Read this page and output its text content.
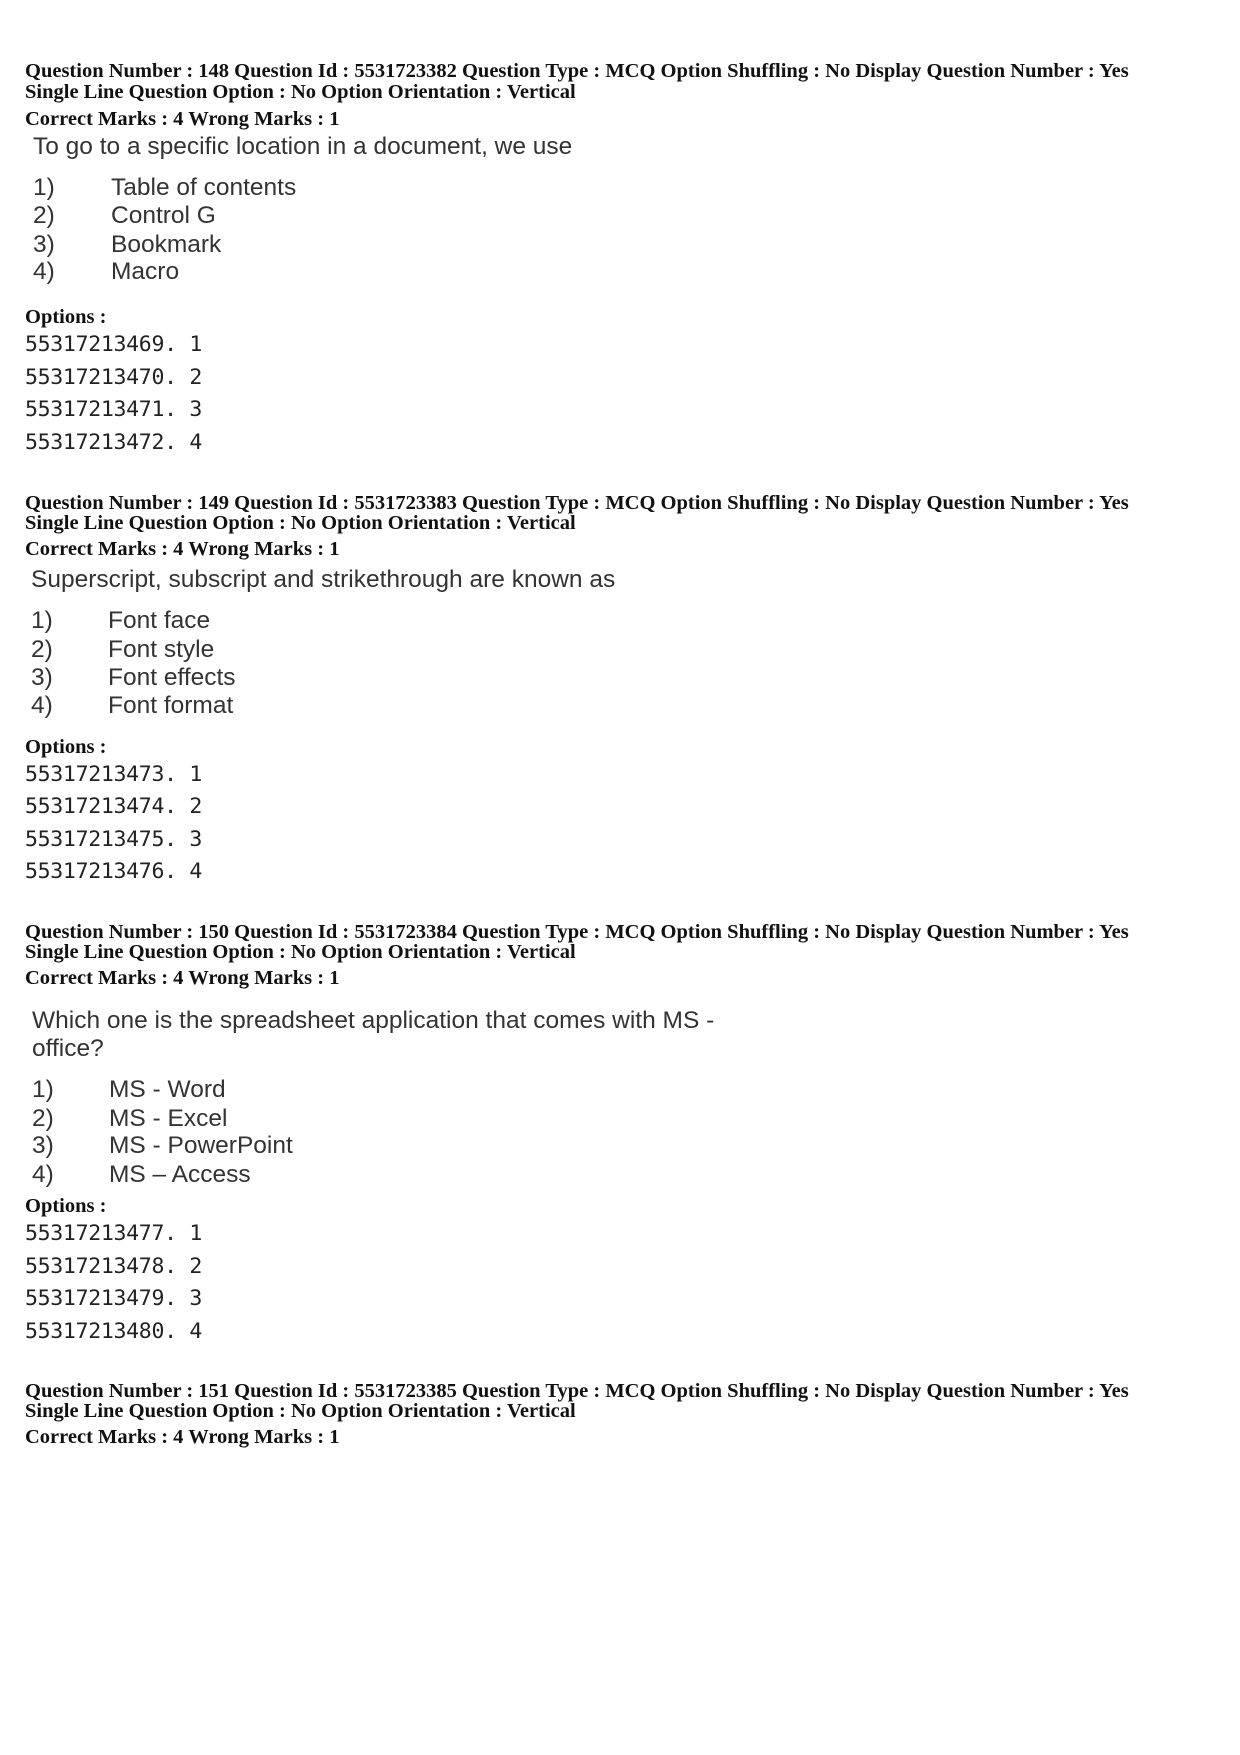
Question Number : 148 Question Id : 5531723382 Question Type : MCQ Option Shuffling : No Display Question Number : Yes
Single Line Question Option : No Option Orientation : Vertical
Correct Marks : 4 Wrong Marks : 1
To go to a specific location in a document, we use
1) Table of contents
2) Control G
3) Bookmark
4) Macro
Options :
55317213469. 1
55317213470. 2
55317213471. 3
55317213472. 4
Question Number : 149 Question Id : 5531723383 Question Type : MCQ Option Shuffling : No Display Question Number : Yes
Single Line Question Option : No Option Orientation : Vertical
Correct Marks : 4 Wrong Marks : 1
Superscript, subscript and strikethrough are known as
1) Font face
2) Font style
3) Font effects
4) Font format
Options :
55317213473. 1
55317213474. 2
55317213475. 3
55317213476. 4
Question Number : 150 Question Id : 5531723384 Question Type : MCQ Option Shuffling : No Display Question Number : Yes
Single Line Question Option : No Option Orientation : Vertical
Correct Marks : 4 Wrong Marks : 1
Which one is the spreadsheet application that comes with MS -
office?
1) MS - Word
2) MS - Excel
3) MS - PowerPoint
4) MS – Access
Options :
55317213477. 1
55317213478. 2
55317213479. 3
55317213480. 4
Question Number : 151 Question Id : 5531723385 Question Type : MCQ Option Shuffling : No Display Question Number : Yes
Single Line Question Option : No Option Orientation : Vertical
Correct Marks : 4 Wrong Marks : 1
